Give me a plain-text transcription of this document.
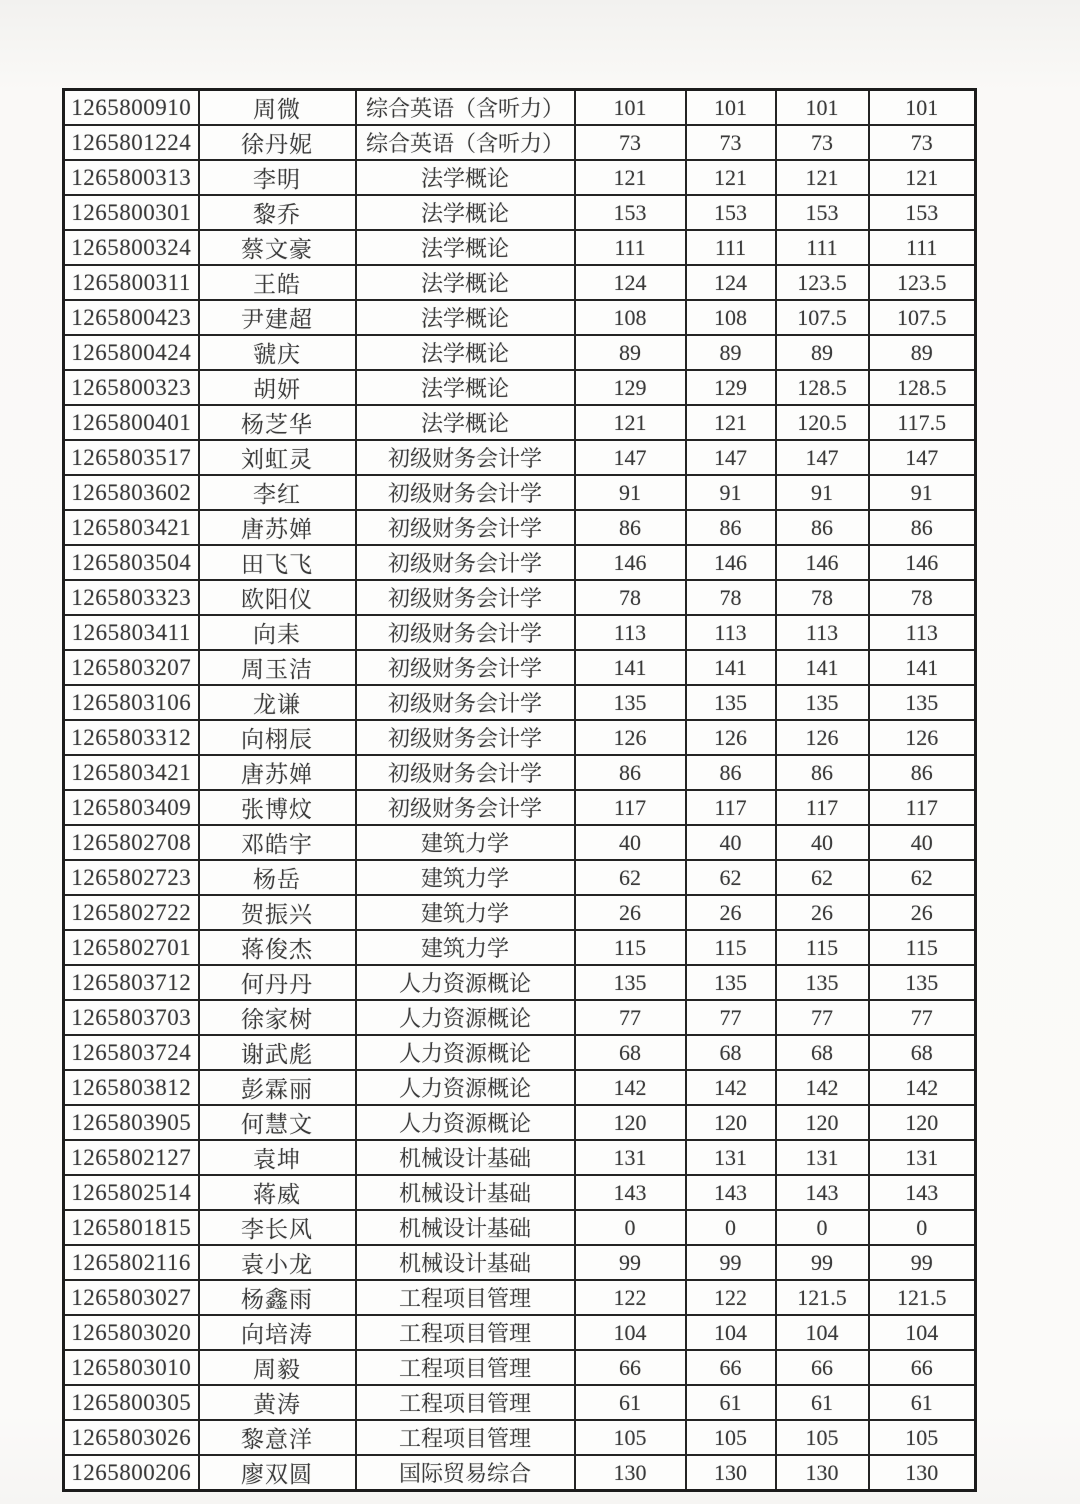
1265800910	周微	综合英语（含听力）	101	101	101	101
1265801224	徐丹妮	综合英语（含听力）	73	73	73	73
1265800313	李明	法学概论	121	121	121	121
1265800301	黎乔	法学概论	153	153	153	153
1265800324	蔡文豪	法学概论	111	111	111	111
1265800311	王皓	法学概论	124	124	123.5	123.5
1265800423	尹建超	法学概论	108	108	107.5	107.5
1265800424	虢庆	法学概论	89	89	89	89
1265800323	胡妍	法学概论	129	129	128.5	128.5
1265800401	杨芝华	法学概论	121	121	120.5	117.5
1265803517	刘虹灵	初级财务会计学	147	147	147	147
1265803602	李红	初级财务会计学	91	91	91	91
1265803421	唐苏婵	初级财务会计学	86	86	86	86
1265803504	田飞飞	初级财务会计学	146	146	146	146
1265803323	欧阳仪	初级财务会计学	78	78	78	78
1265803411	向耒	初级财务会计学	113	113	113	113
1265803207	周玉洁	初级财务会计学	141	141	141	141
1265803106	龙谦	初级财务会计学	135	135	135	135
1265803312	向栩辰	初级财务会计学	126	126	126	126
1265803421	唐苏婵	初级财务会计学	86	86	86	86
1265803409	张博炆	初级财务会计学	117	117	117	117
1265802708	邓皓宇	建筑力学	40	40	40	40
1265802723	杨岳	建筑力学	62	62	62	62
1265802722	贺振兴	建筑力学	26	26	26	26
1265802701	蒋俊杰	建筑力学	115	115	115	115
1265803712	何丹丹	人力资源概论	135	135	135	135
1265803703	徐家树	人力资源概论	77	77	77	77
1265803724	谢武彪	人力资源概论	68	68	68	68
1265803812	彭霖丽	人力资源概论	142	142	142	142
1265803905	何慧文	人力资源概论	120	120	120	120
1265802127	袁坤	机械设计基础	131	131	131	131
1265802514	蒋威	机械设计基础	143	143	143	143
1265801815	李长风	机械设计基础	0	0	0	0
1265802116	袁小龙	机械设计基础	99	99	99	99
1265803027	杨鑫雨	工程项目管理	122	122	121.5	121.5
1265803020	向培涛	工程项目管理	104	104	104	104
1265803010	周毅	工程项目管理	66	66	66	66
1265800305	黄涛	工程项目管理	61	61	61	61
1265803026	黎意洋	工程项目管理	105	105	105	105
1265800206	廖双圆	国际贸易综合	130	130	130	130
